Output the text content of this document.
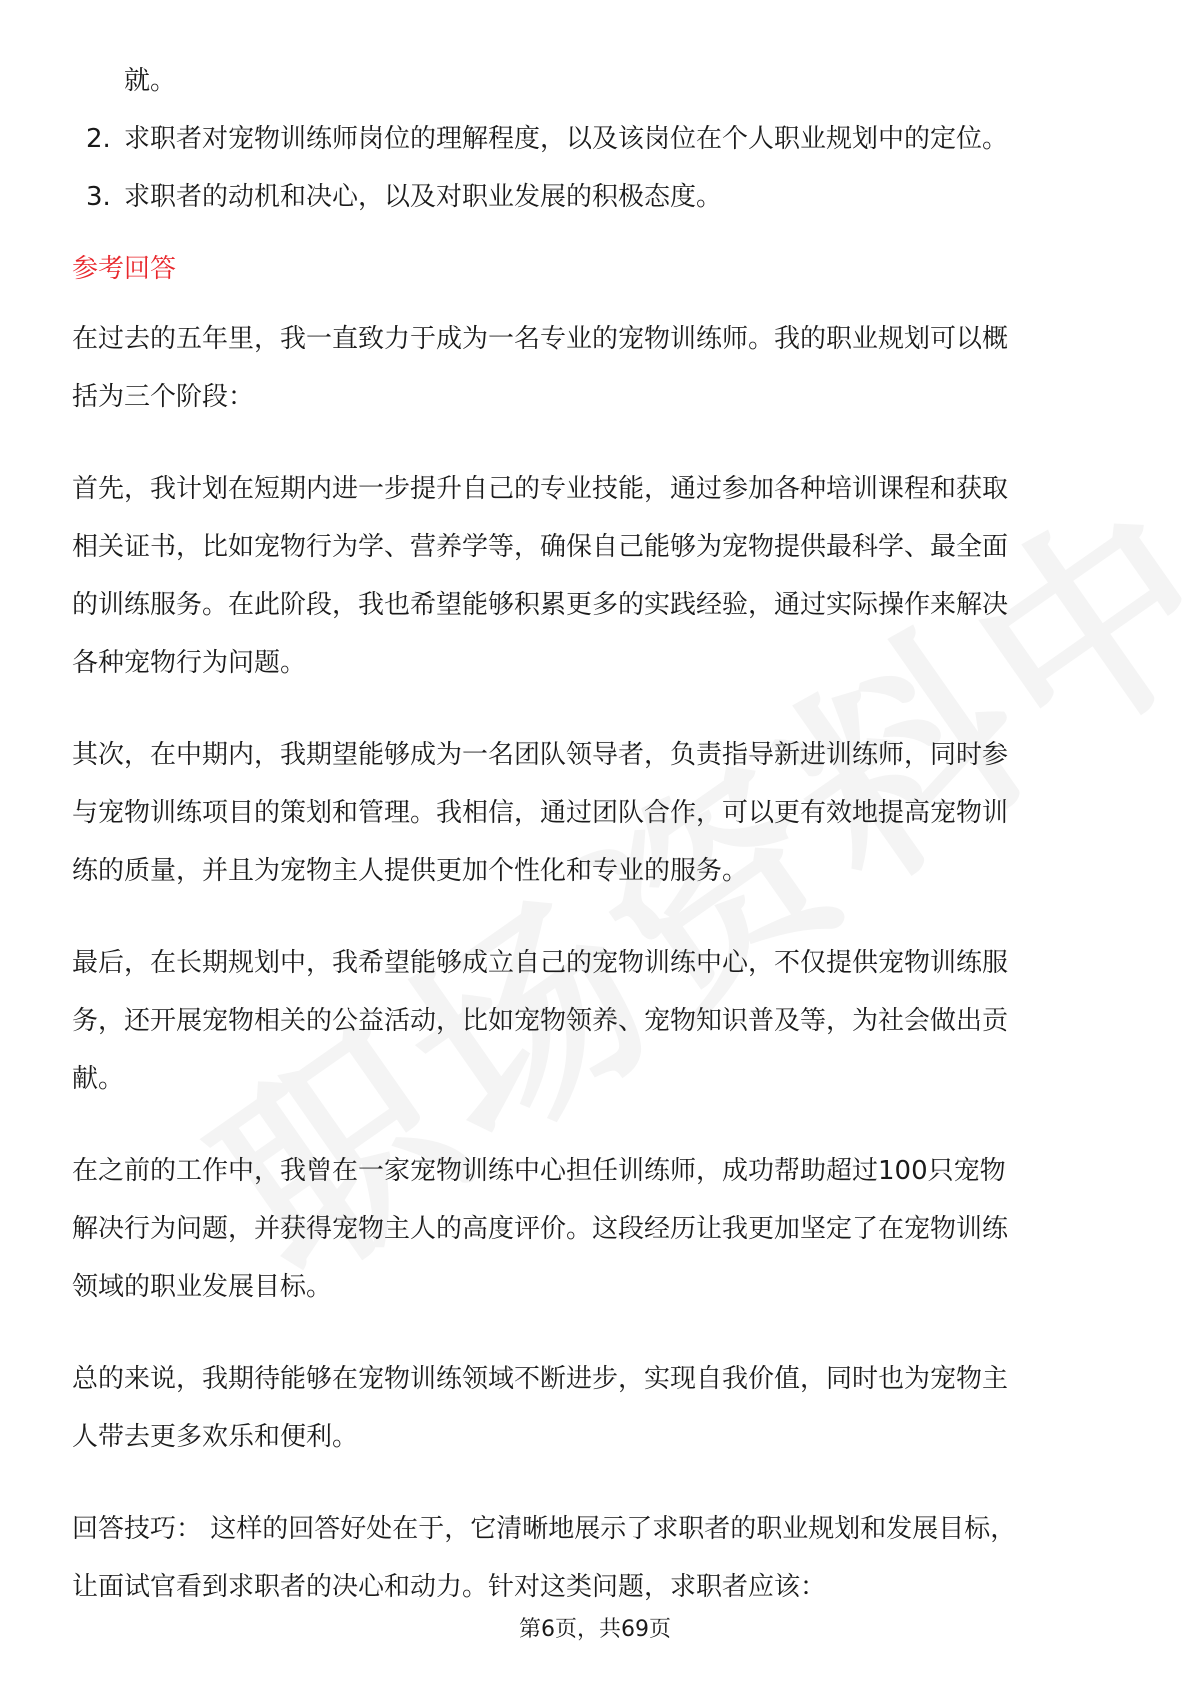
就。
2. 求职者对宠物训练师岗位的理解程度，以及该岗位在个人职业规划中的定位。
3. 求职者的动机和决心，以及对职业发展的积极态度。
参考回答
在过去的五年里，我一直致力于成为一名专业的宠物训练师。我的职业规划可以概
括为三个阶段：
首先，我计划在短期内进一步提升自己的专业技能，通过参加各种培训课程和获取
相关证书，比如宠物行为学、营养学等，确保自己能够为宠物提供最科学、最全面
的训练服务。在此阶段，我也希望能够积累更多的实践经验，通过实际操作来解决
各种宠物行为问题。
其次，在中期内，我期望能够成为一名团队领导者，负责指导新进训练师，同时参
与宠物训练项目的策划和管理。我相信，通过团队合作，可以更有效地提高宠物训
练的质量，并且为宠物主人提供更加个性化和专业的服务。
最后，在长期规划中，我希望能够成立自己的宠物训练中心，不仅提供宠物训练服
务，还开展宠物相关的公益活动，比如宠物领养、宠物知识普及等，为社会做出贡
献。
在之前的工作中，我曾在一家宠物训练中心担任训练师，成功帮助超过100只宠物
解决行为问题，并获得宠物主人的高度评价。这段经历让我更加坚定了在宠物训练
领域的职业发展目标。
总的来说，我期待能够在宠物训练领域不断进步，实现自我价值，同时也为宠物主
人带去更多欢乐和便利。
回答技巧： 这样的回答好处在于，它清晰地展示了求职者的职业规划和发展目标，
让面试官看到求职者的决心和动力。针对这类问题，求职者应该：
第6页，共69页
